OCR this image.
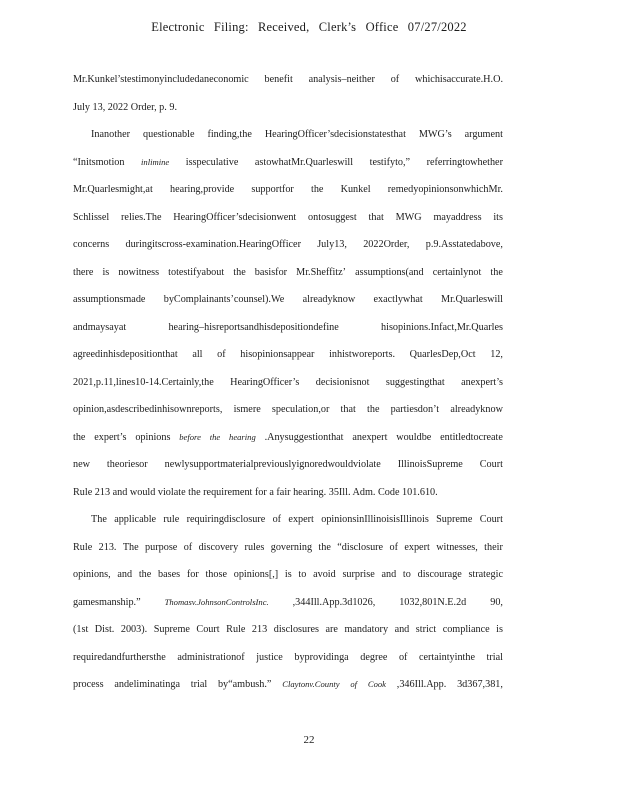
Electronic Filing: Received, Clerk’s Office 07/27/2022
Mr.Kunkel’stestimonyincludedaneconomic benefit analysis–neither of whichisaccurate.H.O.
July 13, 2022 Order, p. 9.
Inanother questionable finding,the HearingOfficer’sdecisionstatesthat MWG’s argument
“Initsmotion inlimine isspeculative astowhatMr.Quarleswill testifyto,” referringtowhether
Mr.Quarlesmight,at hearing,provide supportfor the Kunkel remedyopinionsonwhichMr.
Schlissel relies.The HearingOfficer’sdecisionwent ontosuggest that MWG mayaddress its
concerns duringitscross-examination.HearingOfficer July13, 2022Order, p.9.Asstatedabove,
there is nowitness totestifyabout the basisfor Mr.Sheffitz’ assumptions(and certainlynot the
assumptionsmade byComplainants’counsel).We alreadyknow exactlywhat Mr.Quarleswill
andmaysayat	hearing–hisreportsandhisdepositiondefine	hisopinions.Infact,Mr.Quarles
agreedinhisdepositionthat all of hisopinionsappear inhistworeports. QuarlesDep,Oct 12,
2021,p.11,lines10-14.Certainly,the HearingOfficer’s decisionisnot suggestingthat anexpert’s
opinion,asdescribedinhisownreports, ismere speculation,or that the partiesdon’t alreadyknow
the expert’s opinions before the hearing .Anysuggestionthat anexpert wouldbe entitledtocreate
new theoriesor newlysupportmaterialpreviouslyignoredwouldviolate IllinoisSupreme Court
Rule 213 and would violate the requirement for a fair hearing. 35Ill. Adm. Code 101.610.
The applicable rule requiringdisclosure of expert opinionsinIllinoisisIllinois Supreme Court
Rule 213. The purpose of discovery rules governing the “disclosure of expert witnesses, their
opinions, and the bases for those opinions[,] is to avoid surprise and to discourage strategic
gamesmanship.”	Thomasv.JohnsonControlsInc. ,344Ill.App.3d1026, 1032,801N.E.2d 90,
(1st Dist. 2003). Supreme Court Rule 213 disclosures are mandatory and strict compliance is
requiredandfurthersthe administrationof justice byprovidinga degree of certaintyinthe trial
process andeliminatinga trial by“ambush.” Claytonv.County of Cook ,346Ill.App. 3d367,381,
22
